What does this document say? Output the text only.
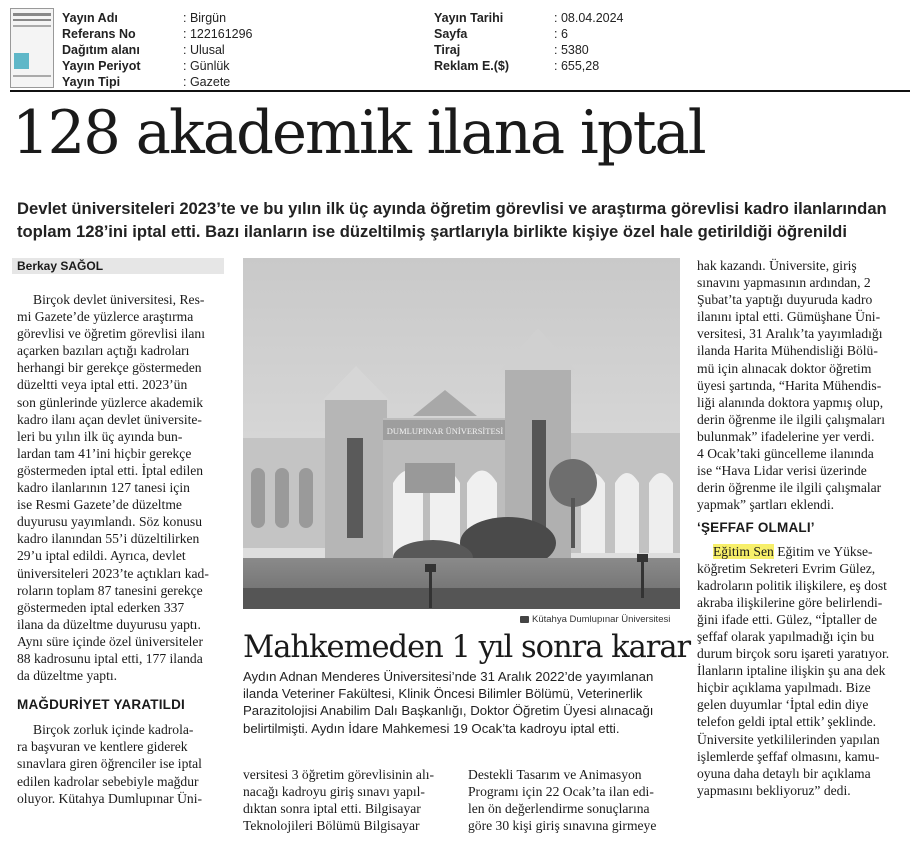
Yayın Adı	: Birgün
Referans No	: 122161296
Dağıtım alanı	: Ulusal
Yayın Periyot	: Günlük
Yayın Tipi	: Gazete
Yayın Tarihi	: 08.04.2024
Sayfa	: 6
Tiraj	: 5380
Reklam E.($)	: 655,28
128 akademik ilana iptal
Devlet üniversiteleri 2023’te ve bu yılın ilk üç ayında öğretim görevlisi ve araştırma görevlisi kadro ilanlarından toplam 128’ini iptal etti. Bazı ilanların ise düzeltilmiş şartlarıyla birlikte kişiye özel hale getirildiği öğrenildi
Berkay SAĞOL
Birçok devlet üniversitesi, Res-
mi Gazete’de yüzlerce araştırma
görevlisi ve öğretim görevlisi ilanı
açarken bazıları açtığı kadroları
herhangi bir gerekçe göstermeden
düzeltti veya iptal etti. 2023’ün
son günlerinde yüzlerce akademik
kadro ilanı açan devlet üniversite-
leri bu yılın ilk üç ayında bun-
lardan tam 41’ini hiçbir gerekçe
göstermeden iptal etti. İptal edilen
kadro ilanlarının 127 tanesi için
ise Resmi Gazete’de düzeltme
duyurusu yayımlandı. Söz konusu
kadro ilanından 55’i düzeltilirken
29’u iptal edildi. Ayrıca, devlet
üniversiteleri 2023’te açtıkları kad-
roların toplam 87 tanesini gerekçe
göstermeden iptal ederken 337
ilana da düzeltme duyurusu yaptı.
Aynı süre içinde özel üniversiteler
88 kadrosunu iptal etti, 177 ilanda
da düzeltme yaptı.
MAĞDURİYET YARATILDI
Birçok zorluk içinde kadrola-
ra başvuran ve kentlere giderek
sınavlara giren öğrenciler ise iptal
edilen kadrolar sebebiyle mağdur
oluyor. Kütahya Dumlupınar Üni-
DUMLUPINAR ÜNİVERSİTESİ
Kütahya Dumlupınar Üniversitesi
Mahkemeden 1 yıl sonra karar
Aydın Adnan Menderes Üniversitesi’nde 31 Aralık 2022’de yayımlanan ilanda Veteriner Fakültesi, Klinik Öncesi Bilimler Bölümü, Veterinerlik Parazitolojisi Anabilim Dalı Başkanlığı, Doktor Öğretim Üyesi alınacağı belirtilmişti. Aydın İdare Mahkemesi 19 Ocak’ta kadroyu iptal etti.
versitesi 3 öğretim görevlisinin alı-
nacağı kadroyu giriş sınavı yapıl-
dıktan sonra iptal etti. Bilgisayar
Teknolojileri Bölümü Bilgisayar
Destekli Tasarım ve Animasyon
Programı için 22 Ocak’ta ilan edi-
len ön değerlendirme sonuçlarına
göre 30 kişi giriş sınavına girmeye
hak kazandı. Üniversite, giriş
sınavını yapmasının ardından, 2
Şubat’ta yaptığı duyuruda kadro
ilanını iptal etti. Gümüşhane Üni-
versitesi, 31 Aralık’ta yayımladığı
ilanda Harita Mühendisliği Bölü-
mü için alınacak doktor öğretim
üyesi şartında, “Harita Mühendis-
liği alanında doktora yapmış olup,
derin öğrenme ile ilgili çalışmaları
bulunmak” ifadelerine yer verdi.
4 Ocak’taki güncelleme ilanında
ise “Hava Lidar verisi üzerinde
derin öğrenme ile ilgili çalışmalar
yapmak” şartları eklendi.
‘ŞEFFAF OLMALI’
Eğitim Sen Eğitim ve Yükse-
köğretim Sekreteri Evrim Gülez,
kadroların politik ilişkilere, eş dost
akraba ilişkilerine göre belirlendi-
ğini ifade etti. Gülez, “İptaller de
şeffaf olarak yapılmadığı için bu
durum birçok soru işareti yaratıyor.
İlanların iptaline ilişkin şu ana dek
hiçbir açıklama yapılmadı. Bize
gelen duyumlar ‘İptal edin diye
telefon geldi iptal ettik’ şeklinde.
Üniversite yetkililerinden yapılan
işlemlerde şeffaf olmasını, kamu-
oyuna daha detaylı bir açıklama
yapmasını bekliyoruz” dedi.
